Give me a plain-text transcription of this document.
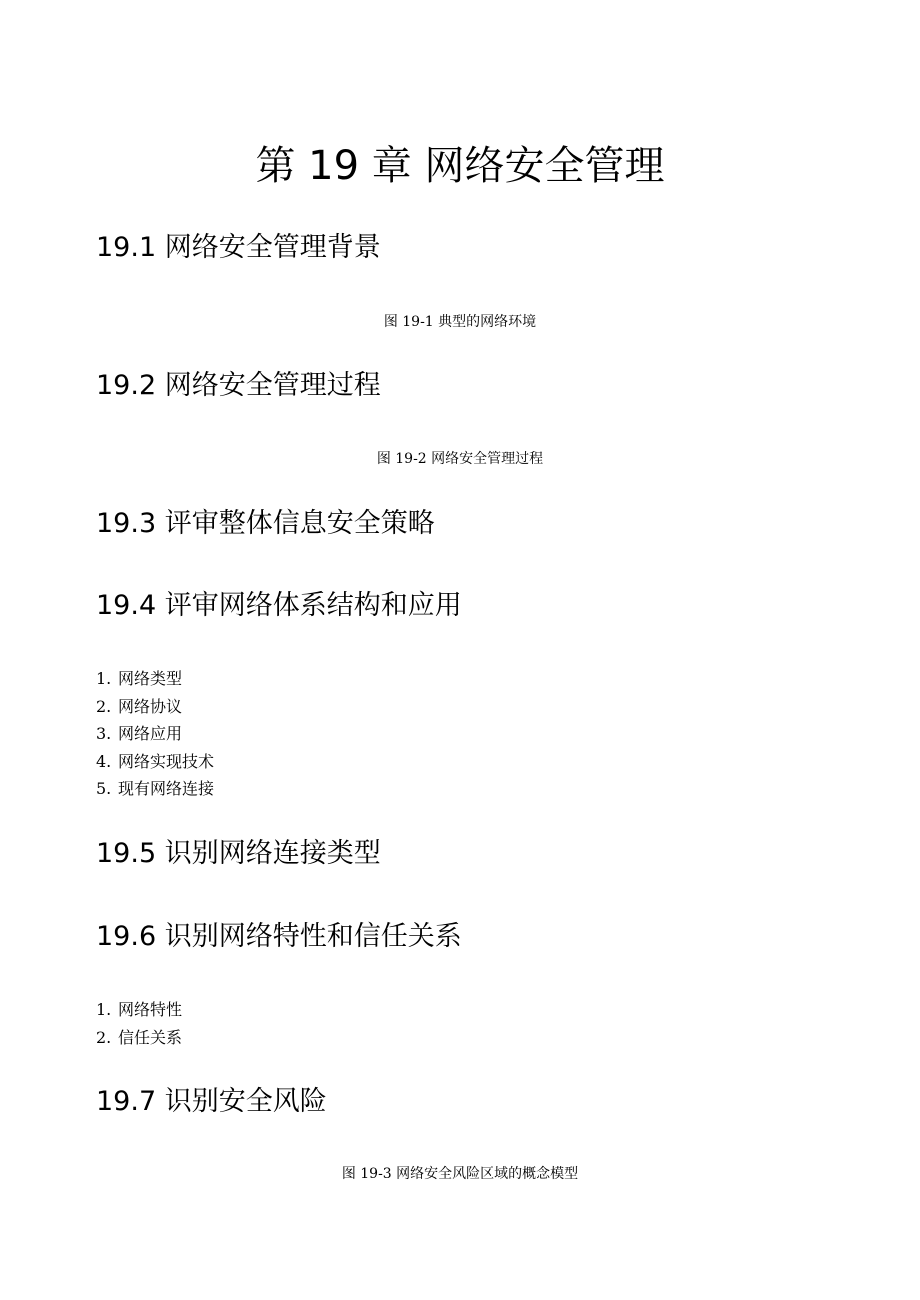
第 19 章 网络安全管理
19.1 网络安全管理背景

图 19-1 典型的网络环境

19.2 网络安全管理过程

图 19-2 网络安全管理过程

19.3 评审整体信息安全策略
19.4 评审网络体系结构和应用
1. 网络类型
2. 网络协议
3. 网络应用
4. 网络实现技术
5. 现有网络连接
19.5 识别网络连接类型
19.6 识别网络特性和信任关系
1. 网络特性
2. 信任关系
19.7 识别安全风险

图 19-3 网络安全风险区域的概念模型
